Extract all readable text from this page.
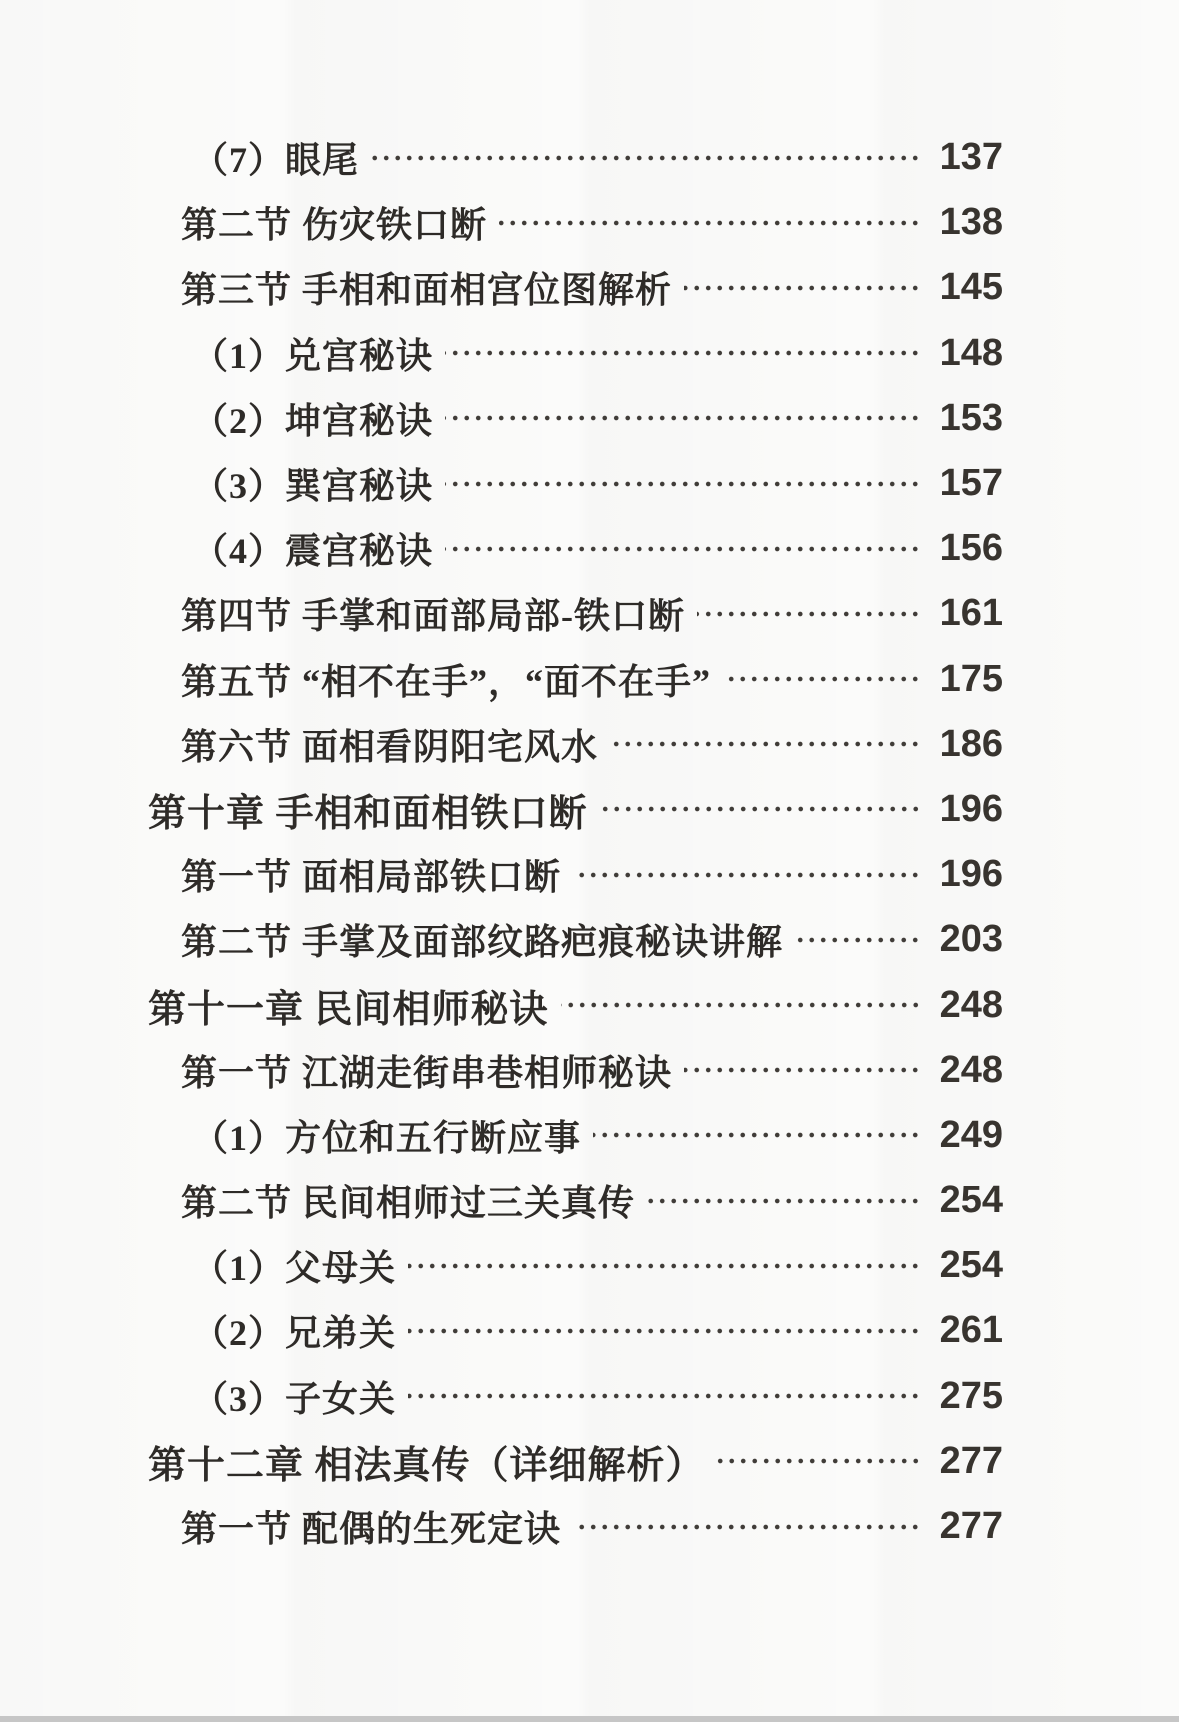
（7）眼尾	137
第二节 伤灾铁口断	138
第三节 手相和面相宫位图解析	145
（1）兑宫秘诀	148
（2）坤宫秘诀	153
（3）巽宫秘诀	157
（4）震宫秘诀	156
第四节 手掌和面部局部-铁口断	161
第五节 “相不在手”，“面不在手”	175
第六节 面相看阴阳宅风水	186
第十章 手相和面相铁口断	196
第一节 面相局部铁口断	196
第二节 手掌及面部纹路疤痕秘诀讲解	203
第十一章 民间相师秘诀	248
第一节 江湖走街串巷相师秘诀	248
（1）方位和五行断应事	249
第二节 民间相师过三关真传	254
（1）父母关	254
（2）兄弟关	261
（3）子女关	275
第十二章 相法真传（详细解析）	277
第一节 配偶的生死定诀	277
